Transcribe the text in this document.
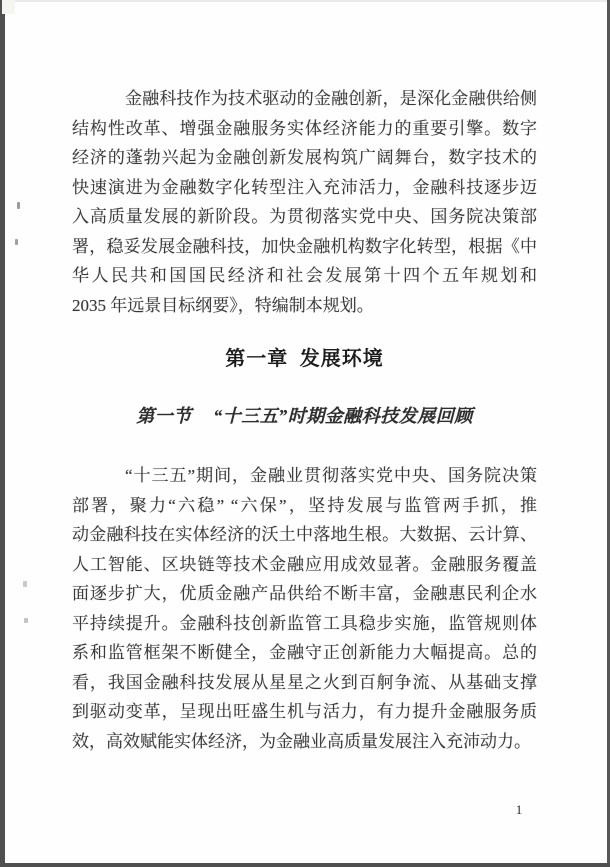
金融科技作为技术驱动的金融创新，是深化金融供给侧
结构性改革、增强金融服务实体经济能力的重要引擎。数字
经济的蓬勃兴起为金融创新发展构筑广阔舞台，数字技术的
快速演进为金融数字化转型注入充沛活力，金融科技逐步迈
入高质量发展的新阶段。为贯彻落实党中央、国务院决策部
署，稳妥发展金融科技，加快金融机构数字化转型，根据《中
华人民共和国国民经济和社会发展第十四个五年规划和
2035 年远景目标纲要》，特编制本规划。
第一章 发展环境
第一节 “十三五”时期金融科技发展回顾
“十三五”期间，金融业贯彻落实党中央、国务院决策
部署，聚力“六稳” “六保”，坚持发展与监管两手抓，推
动金融科技在实体经济的沃土中落地生根。大数据、云计算、
人工智能、区块链等技术金融应用成效显著。金融服务覆盖
面逐步扩大，优质金融产品供给不断丰富，金融惠民利企水
平持续提升。金融科技创新监管工具稳步实施，监管规则体
系和监管框架不断健全，金融守正创新能力大幅提高。总的
看，我国金融科技发展从星星之火到百舸争流、从基础支撑
到驱动变革，呈现出旺盛生机与活力，有力提升金融服务质
效，高效赋能实体经济，为金融业高质量发展注入充沛动力。
1
